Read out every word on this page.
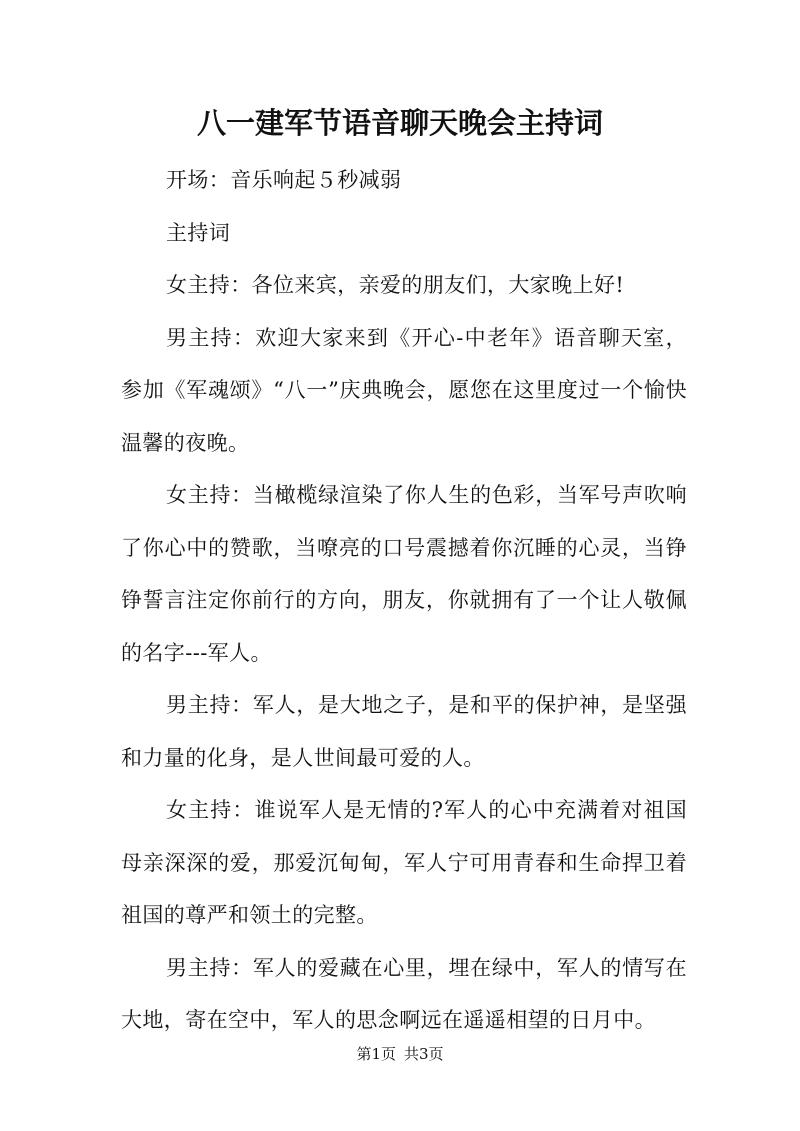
八一建军节语音聊天晚会主持词

开场：音乐响起５秒减弱

主持词

女主持：各位来宾，亲爱的朋友们，大家晚上好!

男主持：欢迎大家来到《开心-中老年》语音聊天室，参加《军魂颂》“八一”庆典晚会，愿您在这里度过一个愉快温馨的夜晚。

女主持：当橄榄绿渲染了你人生的色彩，当军号声吹响了你心中的赞歌，当嘹亮的口号震撼着你沉睡的心灵，当铮铮誓言注定你前行的方向，朋友，你就拥有了一个让人敬佩的名字---军人。

男主持：军人，是大地之子，是和平的保护神，是坚强和力量的化身，是人世间最可爱的人。

女主持：谁说军人是无情的?军人的心中充满着对祖国母亲深深的爱，那爱沉甸甸，军人宁可用青春和生命捍卫着祖国的尊严和领土的完整。

男主持：军人的爱藏在心里，埋在绿中，军人的情写在大地，寄在空中，军人的思念啊远在遥遥相望的日月中。

第1页 共3页
